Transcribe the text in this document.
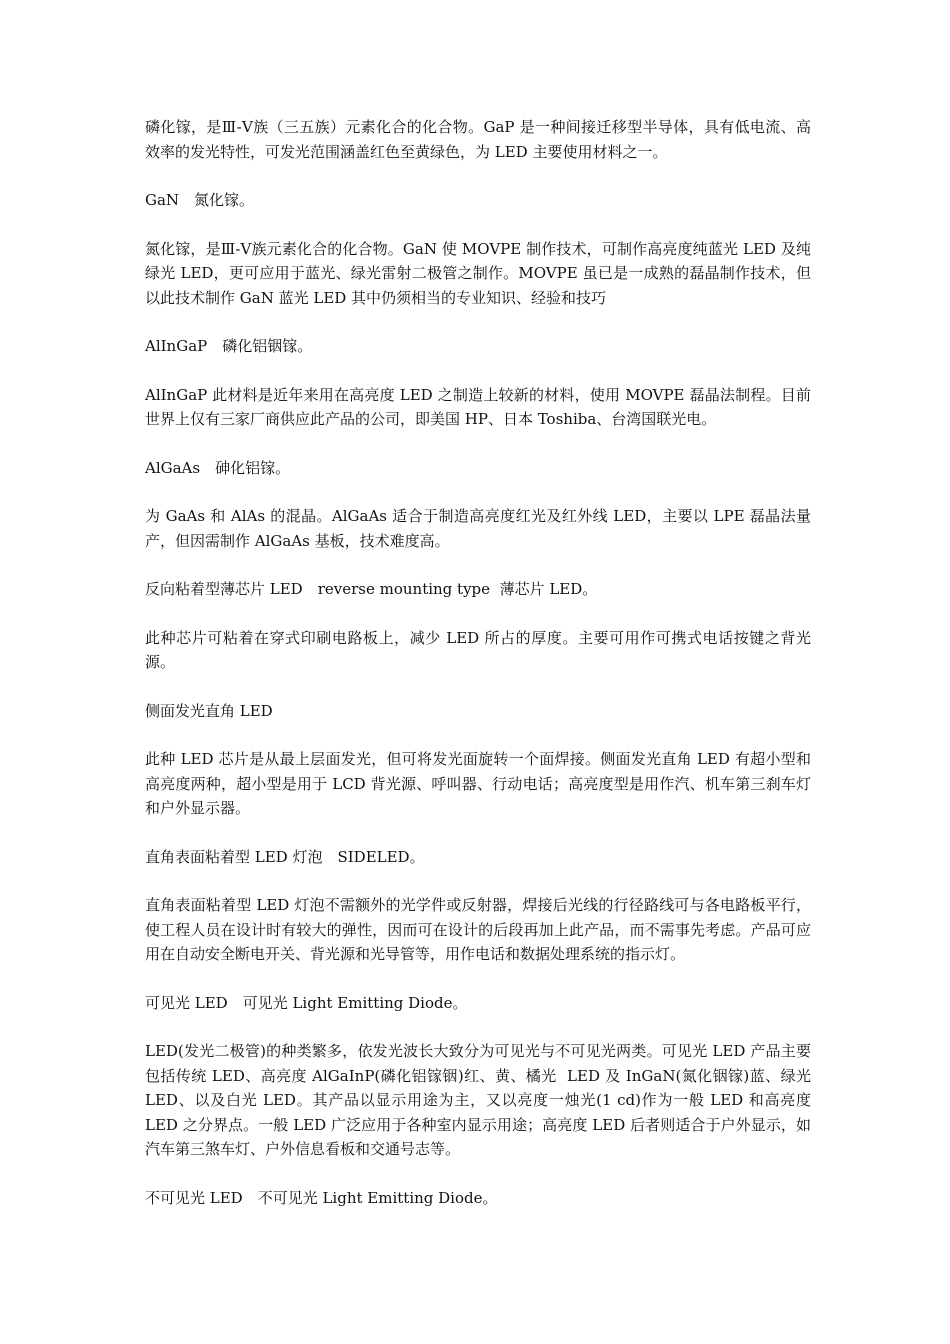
磷化镓，是Ⅲ-Ⅴ族（三五族）元素化合的化合物。GaP 是一种间接迁移型半导体，具有低电流、高效率的发光特性，可发光范围涵盖红色至黄绿色，为 LED 主要使用材料之一。

GaN　氮化镓。

氮化镓，是Ⅲ-Ⅴ族元素化合的化合物。GaN 使 MOVPE 制作技术，可制作高亮度纯蓝光 LED 及纯绿光 LED，更可应用于蓝光、绿光雷射二极管之制作。MOVPE 虽已是一成熟的磊晶制作技术，但以此技术制作 GaN 蓝光 LED 其中仍须相当的专业知识、经验和技巧

AlInGaP　磷化铝铟镓。

AlInGaP 此材料是近年来用在高亮度 LED 之制造上较新的材料，使用 MOVPE 磊晶法制程。目前世界上仅有三家厂商供应此产品的公司，即美国 HP、日本 Toshiba、台湾国联光电。

AlGaAs　砷化铝镓。

为 GaAs 和 AlAs 的混晶。AlGaAs 适合于制造高亮度红光及红外线 LED，主要以 LPE 磊晶法量产，但因需制作 AlGaAs 基板，技术难度高。

反向粘着型薄芯片 LED　reverse mounting type  薄芯片 LED。

此种芯片可粘着在穿式印刷电路板上，减少 LED 所占的厚度。主要可用作可携式电话按键之背光源。

侧面发光直角 LED

此种 LED 芯片是从最上层面发光，但可将发光面旋转一个面焊接。侧面发光直角 LED 有超小型和高亮度两种，超小型是用于 LCD 背光源、呼叫器、行动电话；高亮度型是用作汽、机车第三刹车灯和户外显示器。

直角表面粘着型 LED 灯泡　SIDELED。

直角表面粘着型 LED 灯泡不需额外的光学件或反射器，焊接后光线的行径路线可与各电路板平行，使工程人员在设计时有较大的弹性，因而可在设计的后段再加上此产品，而不需事先考虑。产品可应用在自动安全断电开关、背光源和光导管等，用作电话和数据处理系统的指示灯。

可见光 LED　可见光 Light Emitting Diode。

LED(发光二极管)的种类繁多，依发光波长大致分为可见光与不可见光两类。可见光 LED 产品主要包括传统 LED、高亮度 AlGaInP(磷化铝镓铟)红、黄、橘光  LED 及 InGaN(氮化铟镓)蓝、绿光 LED、以及白光 LED。其产品以显示用途为主，又以亮度一烛光(1 cd)作为一般 LED 和高亮度 LED 之分界点。一般 LED 广泛应用于各种室内显示用途；高亮度 LED 后者则适合于户外显示，如汽车第三煞车灯、户外信息看板和交通号志等。

不可见光 LED　不可见光 Light Emitting Diode。
